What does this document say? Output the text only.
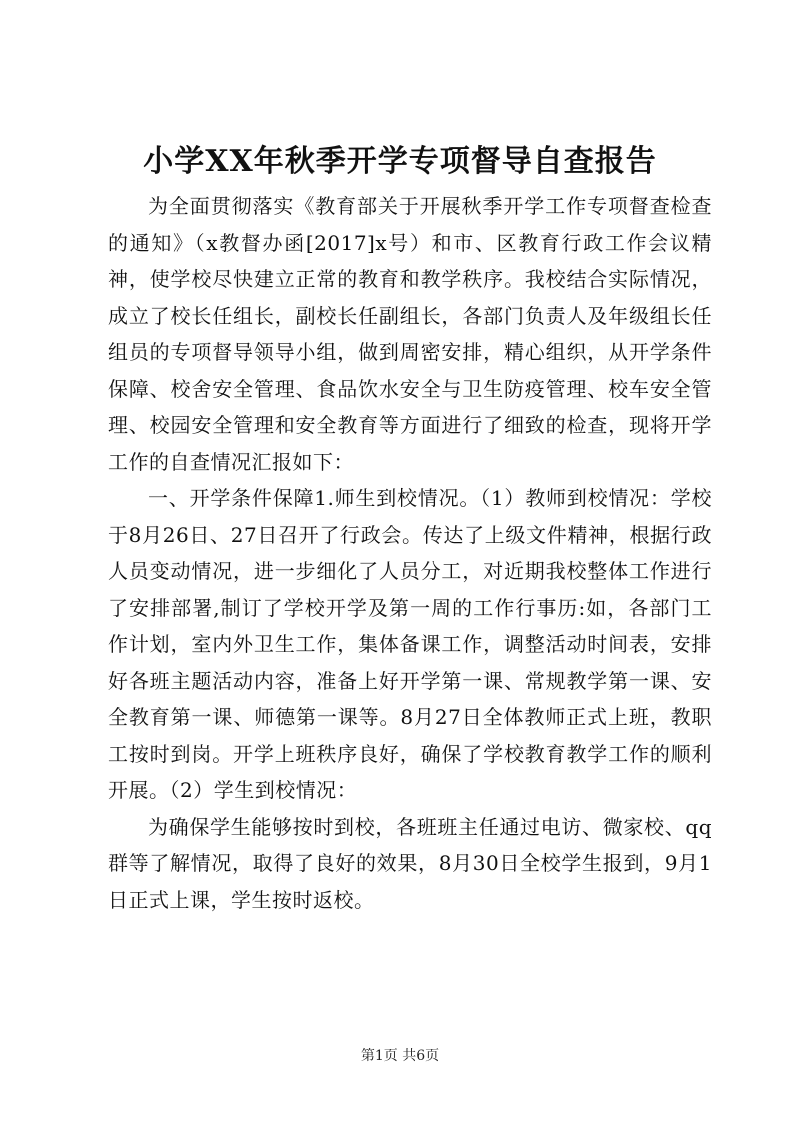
小学XX年秋季开学专项督导自查报告

为全面贯彻落实《教育部关于开展秋季开学工作专项督查检查的通知》（x教督办函[2017]x号）和市、区教育行政工作会议精神，使学校尽快建立正常的教育和教学秩序。我校结合实际情况，成立了校长任组长，副校长任副组长，各部门负责人及年级组长任组员的专项督导领导小组，做到周密安排，精心组织，从开学条件保障、校舍安全管理、食品饮水安全与卫生防疫管理、校车安全管理、校园安全管理和安全教育等方面进行了细致的检查，现将开学工作的自查情况汇报如下：

一、开学条件保障1.师生到校情况。（1）教师到校情况：学校于8月26日、27日召开了行政会。传达了上级文件精神，根据行政人员变动情况，进一步细化了人员分工，对近期我校整体工作进行了安排部署,制订了学校开学及第一周的工作行事历:如，各部门工作计划，室内外卫生工作，集体备课工作，调整活动时间表，安排好各班主题活动内容，准备上好开学第一课、常规教学第一课、安全教育第一课、师德第一课等。8月27日全体教师正式上班，教职工按时到岗。开学上班秩序良好，确保了学校教育教学工作的顺利开展。（2）学生到校情况：

为确保学生能够按时到校，各班班主任通过电访、微家校、qq群等了解情况，取得了良好的效果，8月30日全校学生报到，9月1日正式上课，学生按时返校。

第1页 共6页
